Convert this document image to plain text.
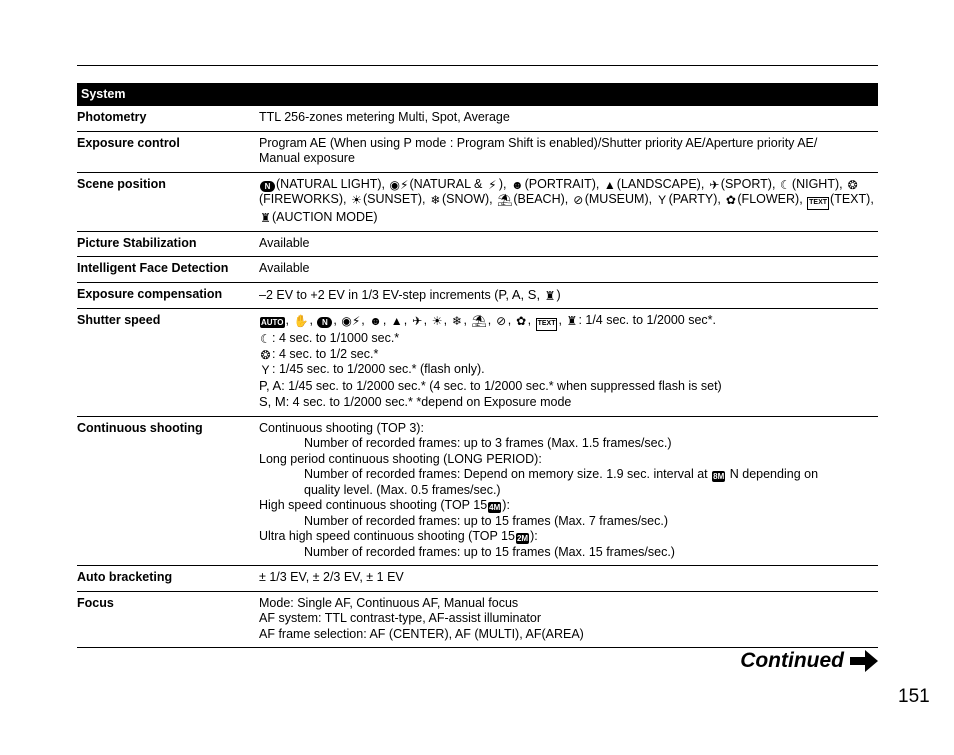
System
Photometry	TTL 256-zones metering Multi, Spot, Average
Exposure control	Program AE (When using P mode : Program Shift is enabled)/Shutter priority AE/Aperture priority AE/
Manual exposure
Scene position	N (NATURAL LIGHT), ◉⚡(NATURAL & ⚡ ), ☻(PORTRAIT), ▲(LANDSCAPE), ✈(SPORT), ☾(NIGHT), ❂(FIREWORKS), ☀(SUNSET), ❄(SNOW), ⛱(BEACH), ⊘(MUSEUM), Y (PARTY), ✿(FLOWER), TEXT (TEXT), ♜(AUCTION MODE)
Picture Stabilization	Available
Intelligent Face Detection	Available
Exposure compensation	–2 EV to +2 EV in 1/3 EV-step increments (P, A, S, ♜)
Shutter speed	AUTO , ✋, N , ◉⚡, ☻, ▲, ✈, ☀, ❄, ⛱, ⊘, ✿, TEXT , ♜: 1/4 sec. to 1/2000 sec*.
☾: 4 sec. to 1/1000 sec.*
❂: 4 sec. to 1/2 sec.*
Y : 1/45 sec. to 1/2000 sec.* (flash only).
P, A: 1/45 sec. to 1/2000 sec.* (4 sec. to 1/2000 sec.* when suppressed flash is set)
S, M: 4 sec. to 1/2000 sec.* *depend on Exposure mode
Continuous shooting	Continuous shooting (TOP 3):
Number of recorded frames: up to 3 frames (Max. 1.5 frames/sec.)
Long period continuous shooting (LONG PERIOD):
Number of recorded frames: Depend on memory size. 1.9 sec. interval at 8M N depending on
quality level. (Max. 0.5 frames/sec.)
High speed continuous shooting (TOP 15 4M ):
Number of recorded frames: up to 15 frames (Max. 7 frames/sec.)
Ultra high speed continuous shooting (TOP 15 2M ):
Number of recorded frames: up to 15 frames (Max. 15 frames/sec.)
Auto bracketing	± 1/3 EV, ± 2/3 EV, ± 1 EV
Focus	Mode: Single AF, Continuous AF, Manual focus
AF system: TTL contrast-type, AF-assist illuminator
AF frame selection: AF (CENTER), AF (MULTI), AF(AREA)
Continued
151
